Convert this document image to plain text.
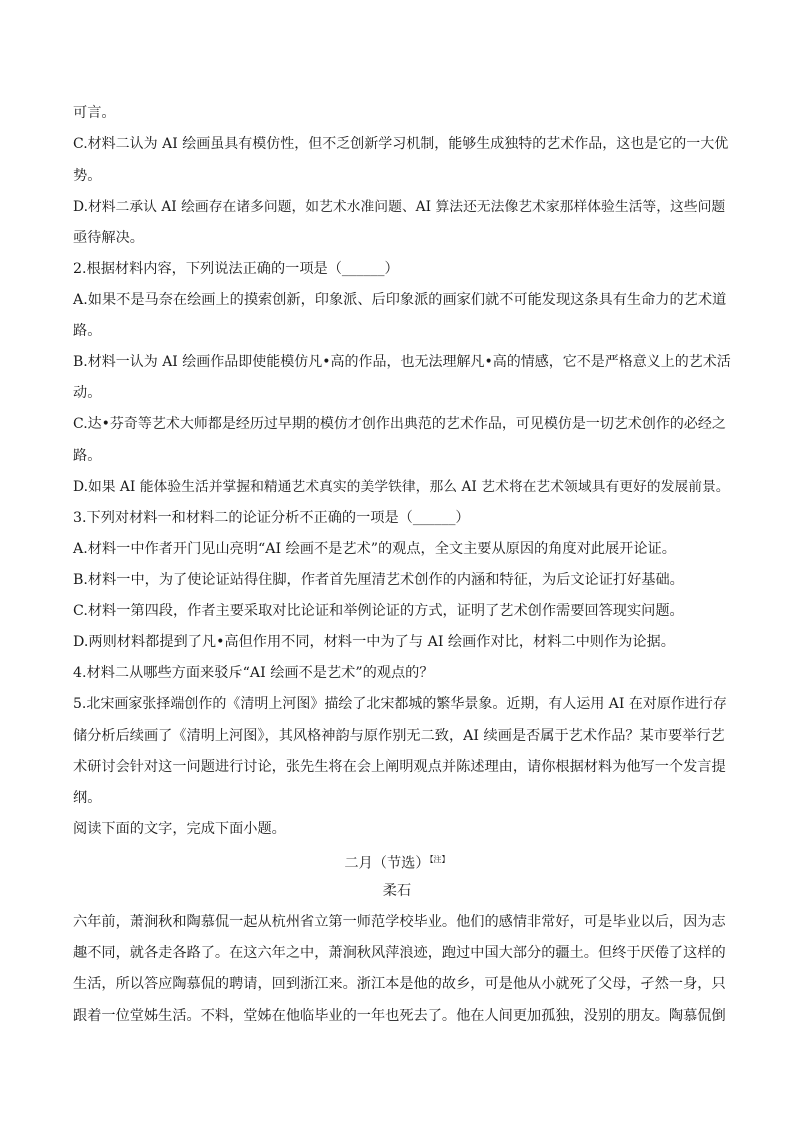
可言。
C.材料二认为 AI 绘画虽具有模仿性，但不乏创新学习机制，能够生成独特的艺术作品，这也是它的一大优
势。
D.材料二承认 AI 绘画存在诸多问题，如艺术水准问题、AI 算法还无法像艺术家那样体验生活等，这些问题
亟待解决。
2.根据材料内容，下列说法正确的一项是（______）
A.如果不是马奈在绘画上的摸索创新，印象派、后印象派的画家们就不可能发现这条具有生命力的艺术道
路。
B.材料一认为 AI 绘画作品即使能模仿凡•高的作品，也无法理解凡•高的情感，它不是严格意义上的艺术活
动。
C.达•芬奇等艺术大师都是经历过早期的模仿才创作出典范的艺术作品，可见模仿是一切艺术创作的必经之
路。
D.如果 AI 能体验生活并掌握和精通艺术真实的美学铁律，那么 AI 艺术将在艺术领域具有更好的发展前景。
3.下列对材料一和材料二的论证分析不正确的一项是（______）
A.材料一中作者开门见山亮明“AI 绘画不是艺术”的观点，全文主要从原因的角度对此展开论证。
B.材料一中，为了使论证站得住脚，作者首先厘清艺术创作的内涵和特征，为后文论证打好基础。
C.材料一第四段，作者主要采取对比论证和举例论证的方式，证明了艺术创作需要回答现实问题。
D.两则材料都提到了凡•高但作用不同，材料一中为了与 AI 绘画作对比，材料二中则作为论据。
4.材料二从哪些方面来驳斥“AI 绘画不是艺术”的观点的？
5.北宋画家张择端创作的《清明上河图》描绘了北宋都城的繁华景象。近期，有人运用 AI 在对原作进行存
储分析后续画了《清明上河图》，其风格神韵与原作别无二致，AI 续画是否属于艺术作品？某市要举行艺
术研讨会针对这一问题进行讨论，张先生将在会上阐明观点并陈述理由，请你根据材料为他写一个发言提
纲。
阅读下面的文字，完成下面小题。
二月（节选）$^{【注】}$
柔石
六年前，萧涧秋和陶慕侃一起从杭州省立第一师范学校毕业。他们的感情非常好，可是毕业以后，因为志
趣不同，就各走各路了。在这六年之中，萧涧秋风萍浪迹，跑过中国大部分的疆土。但终于厌倦了这样的
生活，所以答应陶慕侃的聘请，回到浙江来。浙江本是他的故乡，可是他从小就死了父母，孑然一身，只
跟着一位堂姊生活。不料，堂姊在他临毕业的一年也死去了。他在人间更加孤独，没别的朋友。陶慕侃倒
